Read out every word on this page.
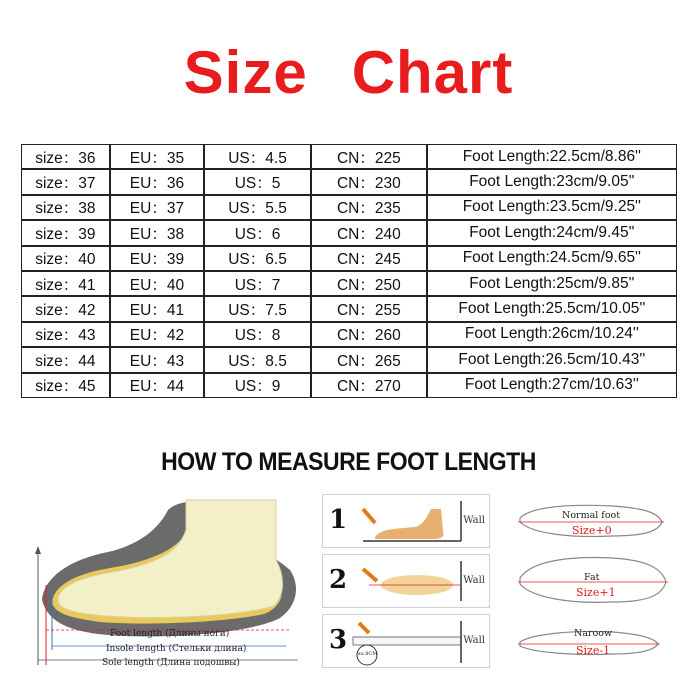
Size Chart
size：36	EU：35	US：4.5	CN：225	Foot Length:22.5cm/8.86''
size：37	EU：36	US：5	CN：230	Foot Length:23cm/9.05''
size：38	EU：37	US：5.5	CN：235	Foot Length:23.5cm/9.25''
size：39	EU：38	US：6	CN：240	Foot Length:24cm/9.45''
size：40	EU：39	US：6.5	CN：245	Foot Length:24.5cm/9.65''
size：41	EU：40	US：7	CN：250	Foot Length:25cm/9.85''
size：42	EU：41	US：7.5	CN：255	Foot Length:25.5cm/10.05''
size：43	EU：42	US：8	CN：260	Foot Length:26cm/10.24''
size：44	EU：43	US：8.5	CN：265	Foot Length:26.5cm/10.43''
size：45	EU：44	US：9	CN：270	Foot Length:27cm/10.63''
HOW TO MEASURE FOOT LENGTH
Foot length (Длины ноги)
Insole length (Стельки длина)
Sole length (Длина подошвы)
1	Wall
2	Wall
3 xx.8CM
Wall
Normal foot
Size+0
Fat
Size+1
Naroow
Size-1
